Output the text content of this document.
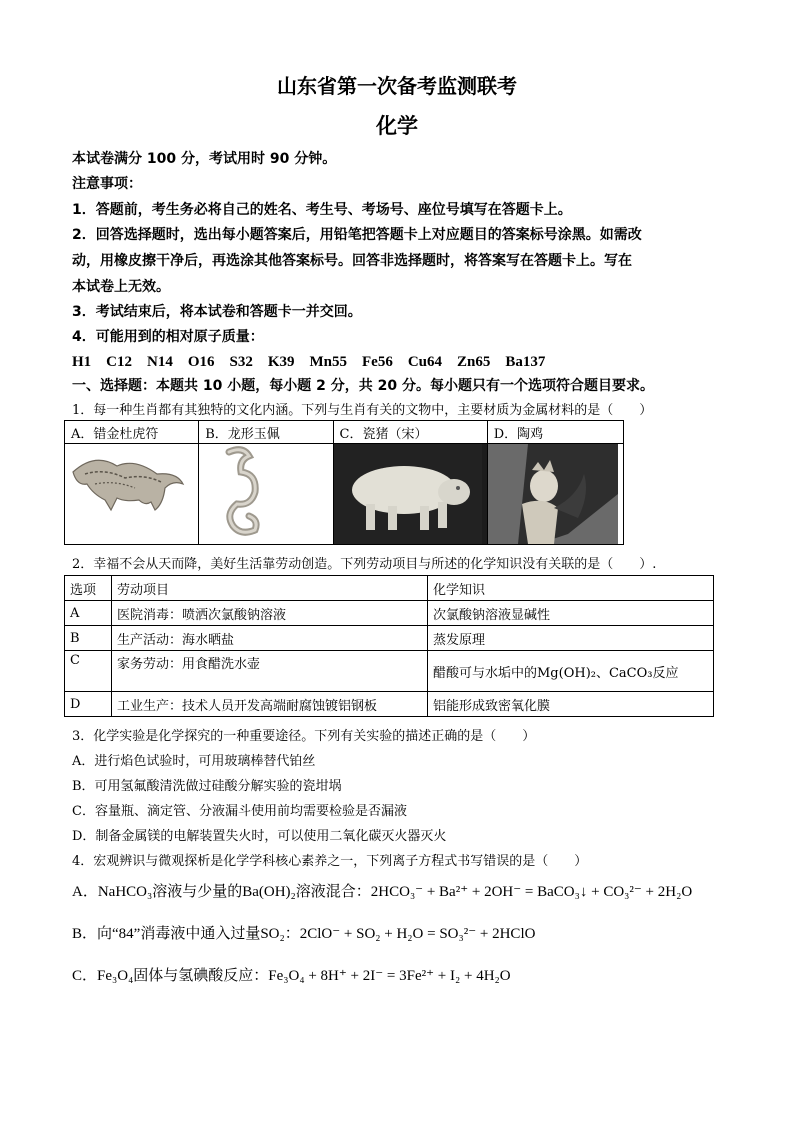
山东省第一次备考监测联考
化学
本试卷满分 100 分，考试用时 90 分钟。
注意事项：
1．答题前，考生务必将自己的姓名、考生号、考场号、座位号填写在答题卡上。
2．回答选择题时，选出每小题答案后，用铅笔把答题卡上对应题目的答案标号涂黑。如需改
动，用橡皮擦干净后，再选涂其他答案标号。回答非选择题时，将答案写在答题卡上。写在
本试卷上无效。
3．考试结束后，将本试卷和答题卡一并交回。
4．可能用到的相对原子质量：
H1　C12　N14　O16　S32　K39　Mn55　Fe56　Cu64　Zn65　Ba137
一、选择题：本题共 10 小题，每小题 2 分，共 20 分。每小题只有一个选项符合题目要求。
1．每一种生肖都有其独特的文化内涵。下列与生肖有关的文物中，主要材质为金属材料的是（　　）
A．错金杜虎符	B．龙形玉佩	C．瓷猪（宋）	D．陶鸡

2．幸福不会从天而降，美好生活靠劳动创造。下列劳动项目与所述的化学知识没有关联的是（　　）.
选项	劳动项目	化学知识
A	医院消毒：喷洒次氯酸钠溶液	次氯酸钠溶液显碱性
B	生产活动：海水晒盐	蒸发原理
C	家务劳动：用食醋洗水壶	醋酸可与水垢中的Mg(OH)₂、CaCO₃反应
D	工业生产：技术人员开发高端耐腐蚀镀铝钢板	铝能形成致密氧化膜
3．化学实验是化学探究的一种重要途径。下列有关实验的描述正确的是（　　）
A．进行焰色试验时，可用玻璃棒替代铂丝
B．可用氢氟酸清洗做过硅酸分解实验的瓷坩埚
C．容量瓶、滴定管、分液漏斗使用前均需要检验是否漏液
D．制备金属镁的电解装置失火时，可以使用二氧化碳灭火器灭火
4．宏观辨识与微观探析是化学学科核心素养之一，下列离子方程式书写错误的是（　　）
A．NaHCO₃溶液与少量的Ba(OH)₂溶液混合：2HCO₃⁻ + Ba²⁺ + 2OH⁻ = BaCO₃↓ + CO₃²⁻ + 2H₂O
B．向“84”消毒液中通入过量SO₂：2ClO⁻ + SO₂ + H₂O = SO₃²⁻ + 2HClO
C．Fe₃O₄固体与氢碘酸反应：Fe₃O₄ + 8H⁺ + 2I⁻ = 3Fe²⁺ + I₂ + 4H₂O
